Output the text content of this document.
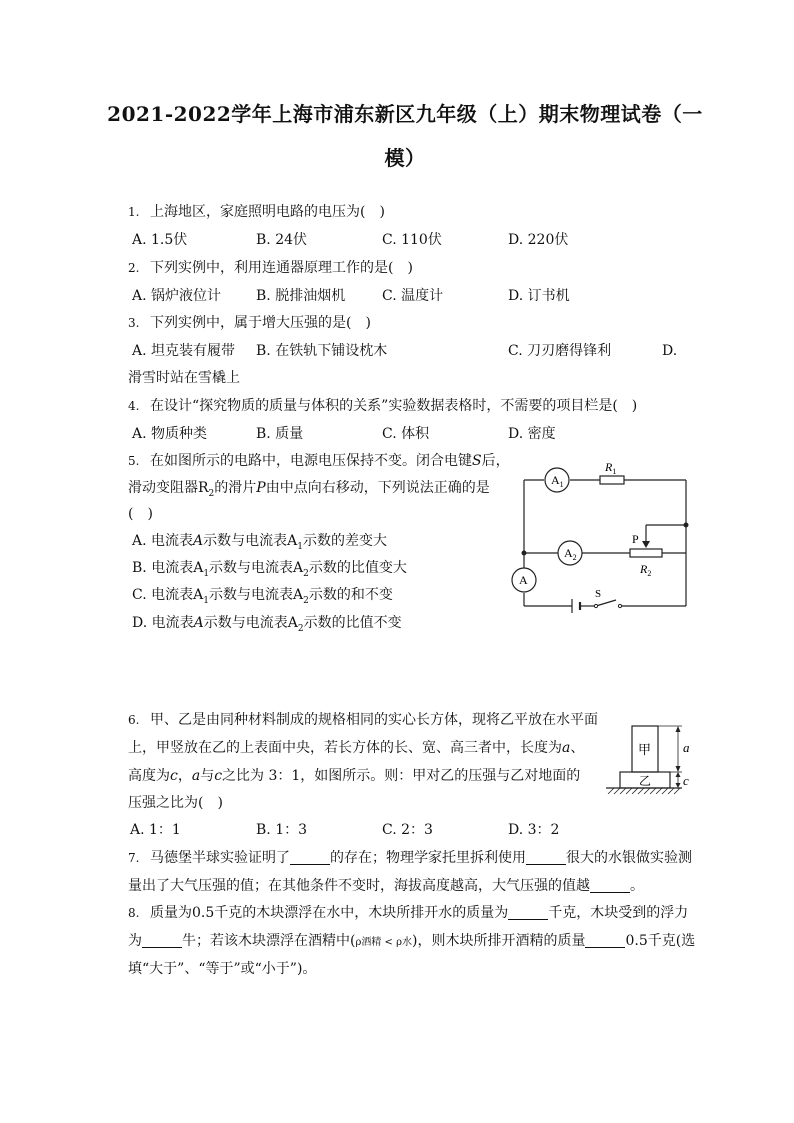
2021-2022学年上海市浦东新区九年级（上）期末物理试卷（一
模）
1. 上海地区，家庭照明电路的电压为(　)
A. 1.5伏	B. 24伏	C. 110伏	D. 220伏
2. 下列实例中，利用连通器原理工作的是(　)
A. 锅炉液位计 B. 脱排油烟机	C. 温度计	D. 订书机
3. 下列实例中，属于增大压强的是(　)
A. 坦克装有履带 B. 在铁轨下铺设枕木	C. 刀刃磨得锋利	D.
滑雪时站在雪橇上
4. 在设计“探究物质的质量与体积的关系”实验数据表格时，不需要的项目栏是(　)
A. 物质种类	B. 质量	C. 体积	D. 密度
5. 在如图所示的电路中，电源电压保持不变。闭合电键S后，
滑动变阻器$R_2$的滑片P由中点向右移动，下列说法正确的是
(　)
A. 电流表A示数与电流表$A_1$示数的差变大
B. 电流表$A_1$示数与电流表$A_2$示数的比值变大
C. 电流表$A_1$示数与电流表$A_2$示数的和不变
D. 电流表A示数与电流表$A_2$示数的比值不变
$A_1$
$R_1$
$A_2$
P
$R_2$
A
S
6. 甲、乙是由同种材料制成的规格相同的实心长方体，现将乙平放在水平面
上，甲竖放在乙的上表面中央，若长方体的长、宽、高三者中，长度为a、
高度为c，a与c之比为 3：1，如图所示。则：甲对乙的压强与乙对地面的
压强之比为(　)
A. 1：1	B. 1：3	C. 2：3	D. 3：2
甲
乙
a
c
7. 马德堡半球实验证明了	的存在；物理学家托里拆利使用	很大的水银做实验测
量出了大气压强的值；在其他条件不变时，海拔高度越高，大气压强的值越	。
8. 质量为0.5千克的木块漂浮在水中，木块所排开水的质量为	千克，木块受到的浮力
为	牛；若该木块漂浮在酒精中(ρ酒精 < ρ水)，则木块所排开酒精的质量	0.5千克(选
填“大于”、“等于”或“小于”)。
